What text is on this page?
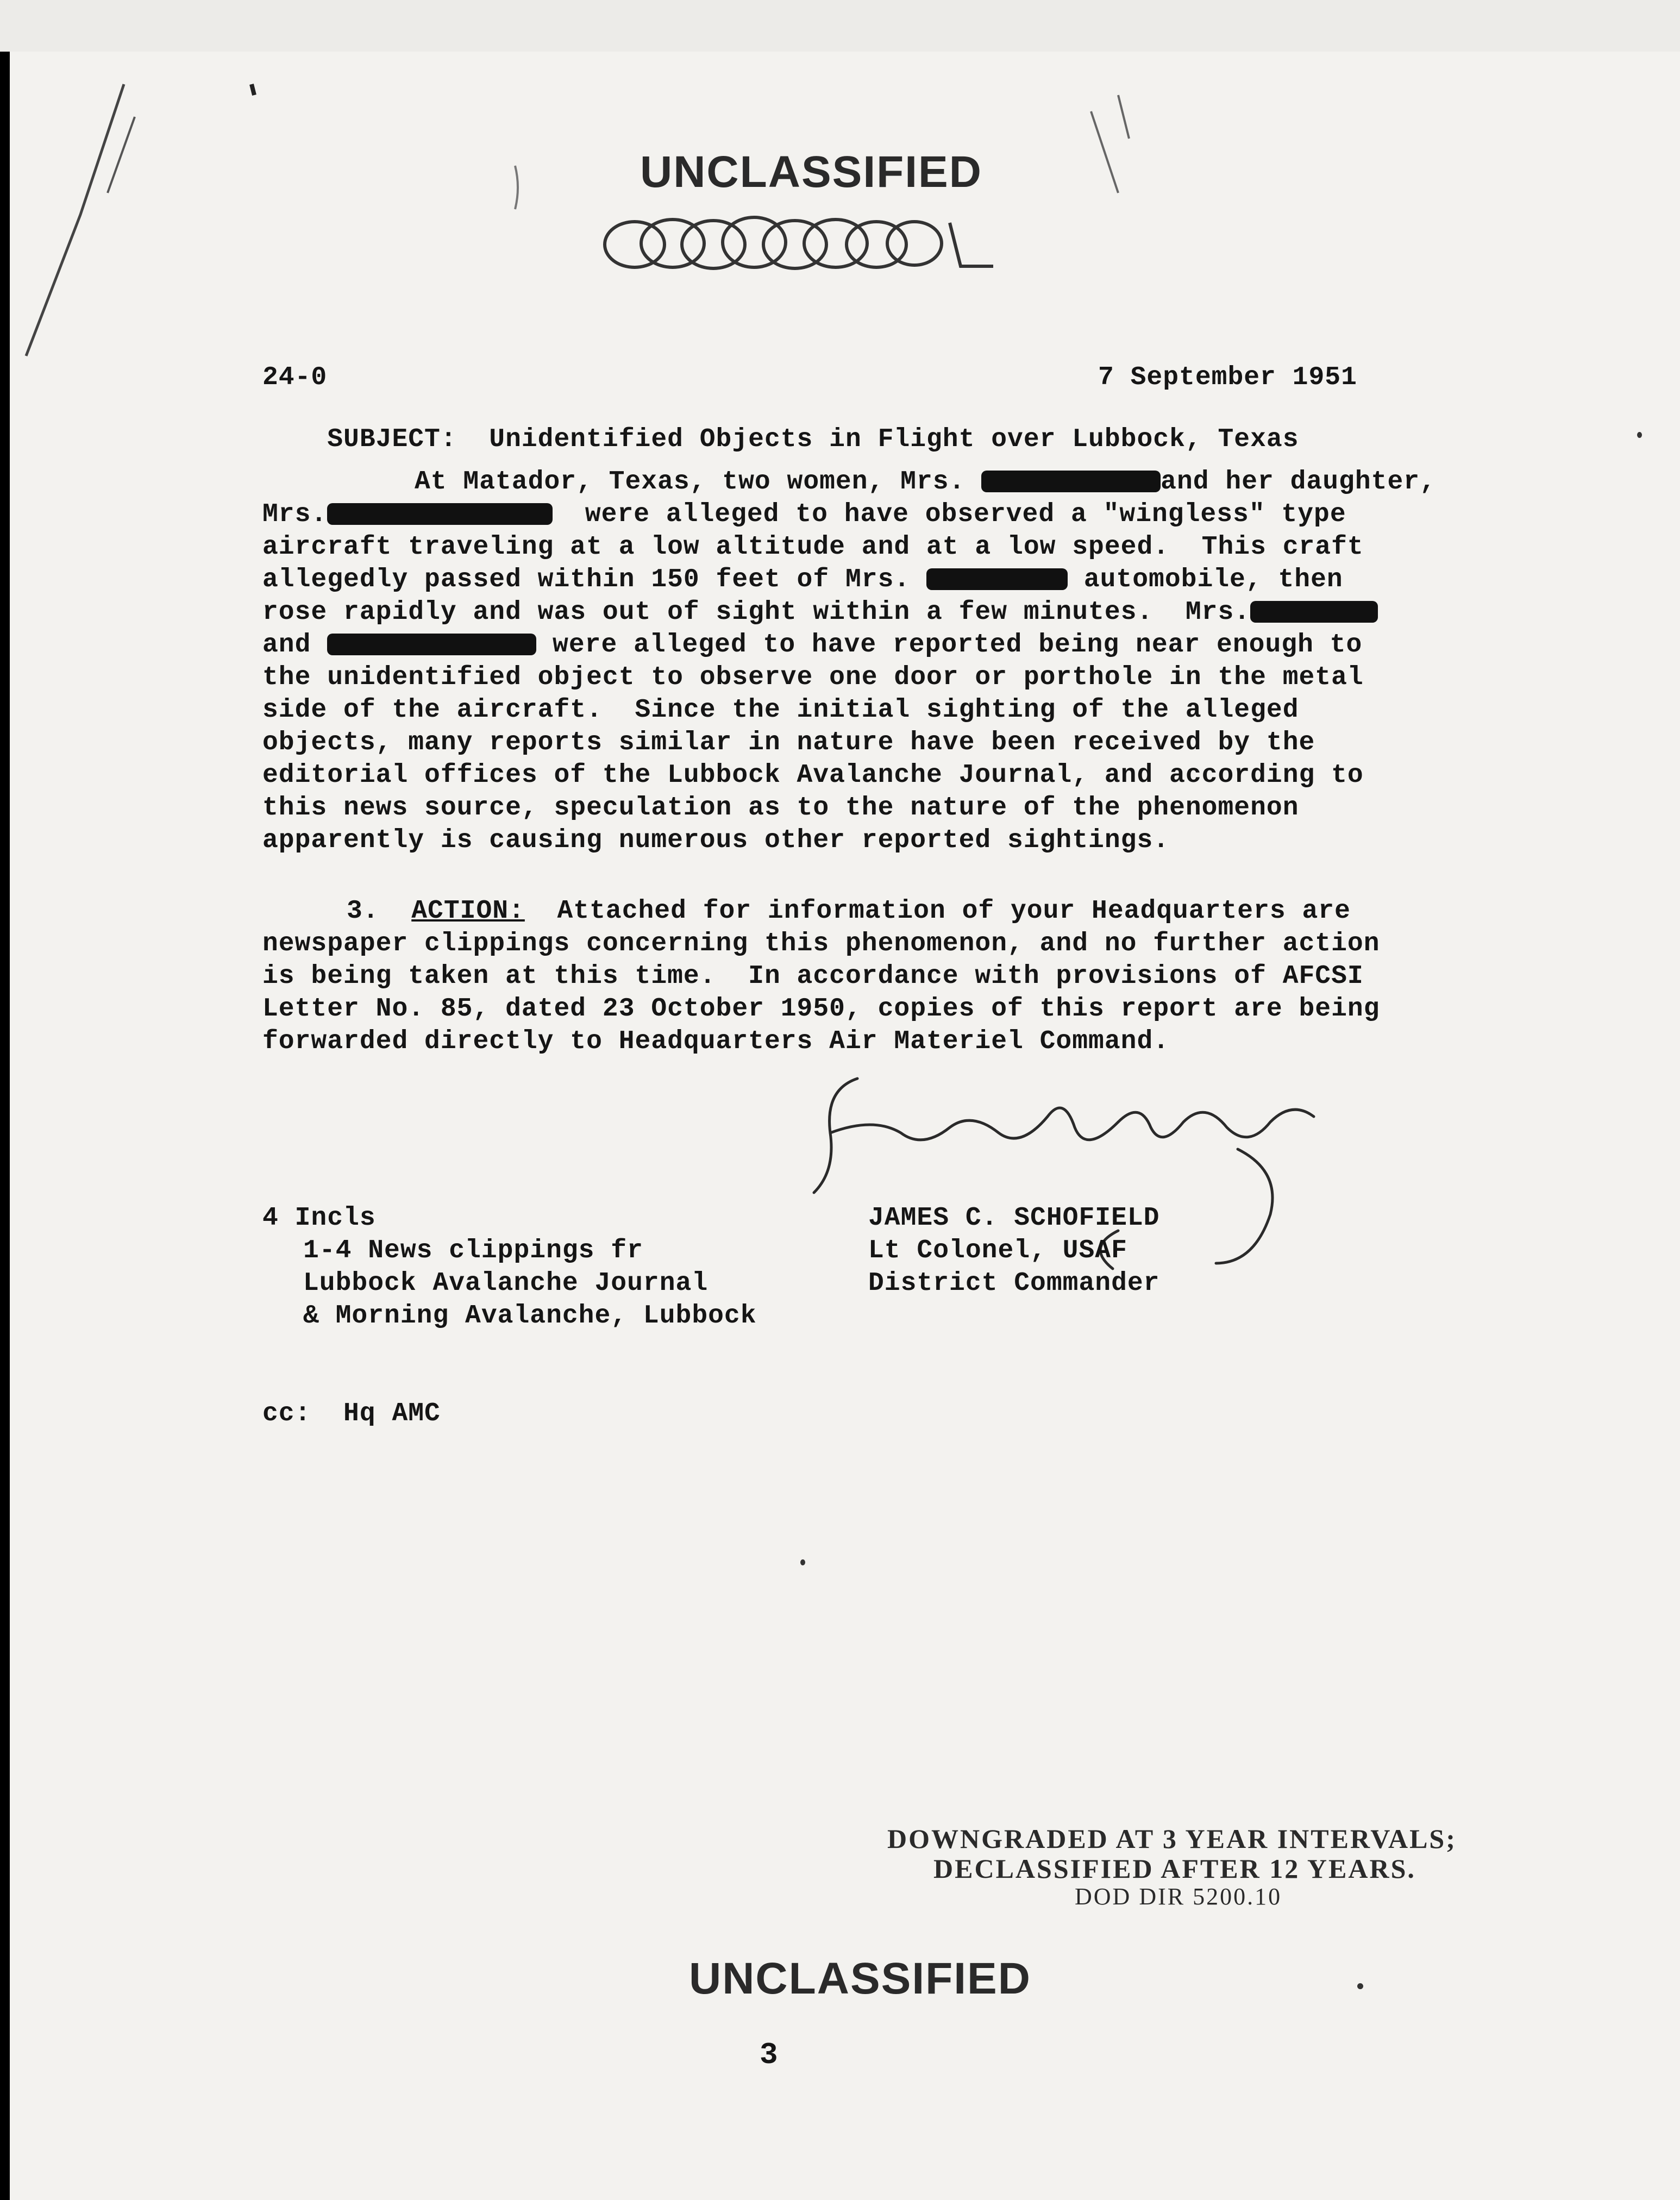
UNCLASSIFIED
24-0	7 September 1951

SUBJECT: Unidentified Objects in Flight over Lubbock, Texas

At Matador, Texas, two women, Mrs.	and her daughter,
Mrs.	were alleged to have observed a "wingless" type
aircraft traveling at a low altitude and at a low speed.  This craft
allegedly passed within 150 feet of Mrs.	automobile, then
rose rapidly and was out of sight within a few minutes.  Mrs.
and	were alleged to have reported being near enough to
the unidentified object to observe one door or porthole in the metal
side of the aircraft.  Since the initial sighting of the alleged
objects, many reports similar in nature have been received by the
editorial offices of the Lubbock Avalanche Journal, and according to
this news source, speculation as to the nature of the phenomenon
apparently is causing numerous other reported sightings.
3. ACTION: Attached for information of your Headquarters are
newspaper clippings concerning this phenomenon, and no further action
is being taken at this time.  In accordance with provisions of AFCSI
Letter No. 85, dated 23 October 1950, copies of this report are being
forwarded directly to Headquarters Air Materiel Command.
4 Incls
1-4 News clippings fr
Lubbock Avalanche Journal
& Morning Avalanche, Lubbock
JAMES C. SCHOFIELD
Lt Colonel, USAF
District Commander
cc: Hq AMC
DOWNGRADED AT 3 YEAR INTERVALS;
DECLASSIFIED AFTER 12 YEARS.
DOD DIR 5200.10
UNCLASSIFIED
3
